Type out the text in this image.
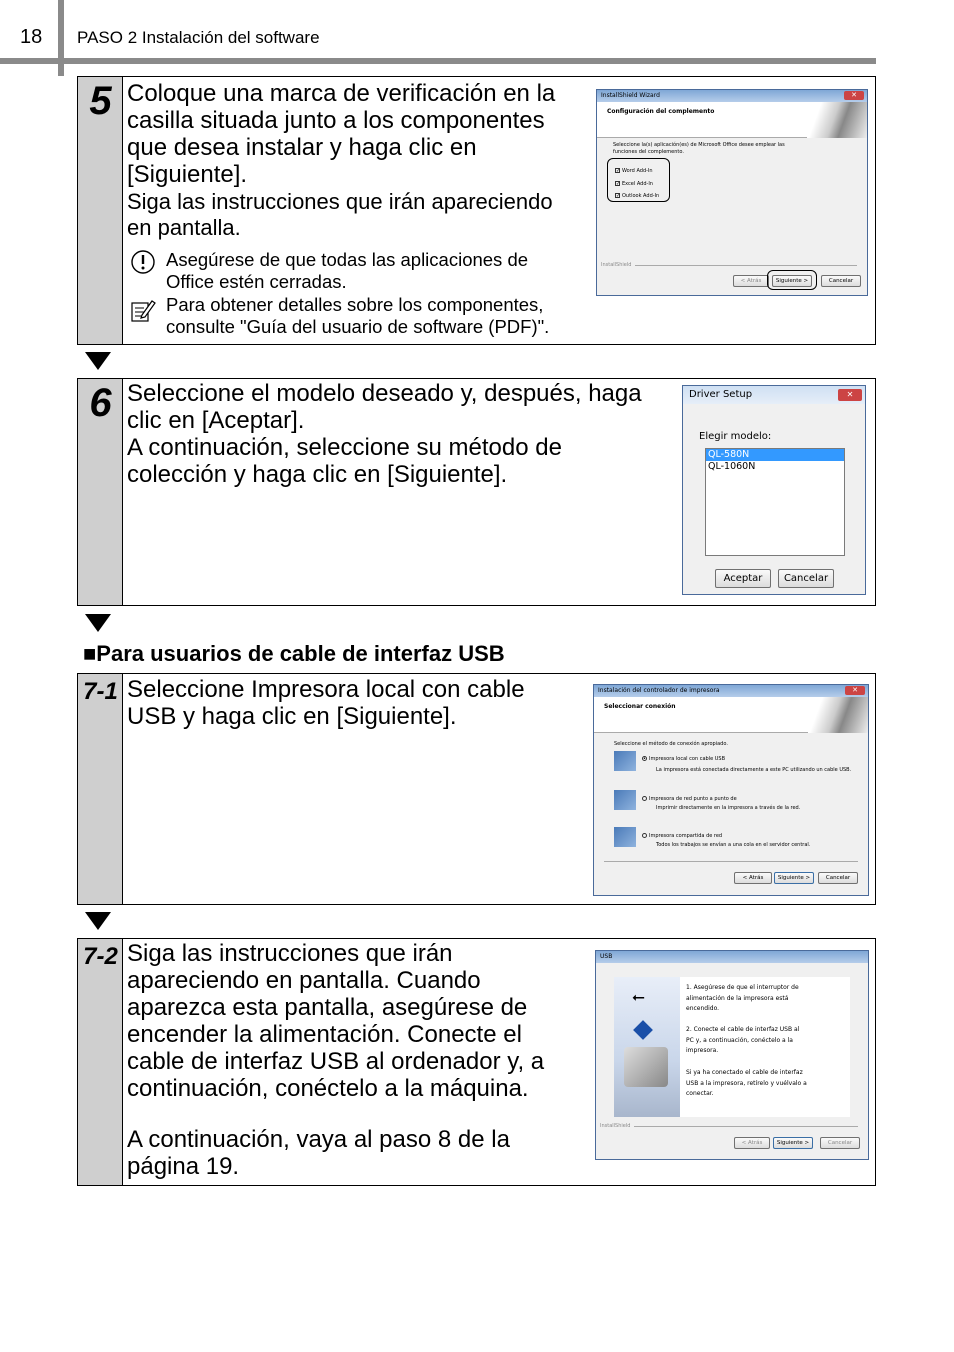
18 PASO 2 Instalación del software
5 Coloque una marca de verificación en la
casilla situada junto a los componentes
que desea instalar y haga clic en
[Siguiente].
Siga las instrucciones que irán apareciendo
en pantalla.
Asegúrese de que todas las aplicaciones de
Office estén cerradas.
Para obtener detalles sobre los componentes,
consulte "Guía del usuario de software (PDF)".
InstallShield Wizard	✕
Configuración del complemento
Seleccione la(s) aplicación(es) de Microsoft Office desee emplear las
funciones del complemento.
✓ Word Add-In
✓ Excel Add-In
✓ Outlook Add-In
InstallShield
< Atrás	Siguiente >	Cancelar
6 Seleccione el modelo deseado y, después, haga
clic en [Aceptar].
A continuación, seleccione su método de
colección y haga clic en [Siguiente].
Driver Setup	✕
Elegir modelo:
QL-580N
QL-1060N
Aceptar	Cancelar
■Para usuarios de cable de interfaz USB
7-1 Seleccione Impresora local con cable
USB y haga clic en [Siguiente].
Instalación del controlador de impresora	✕
Seleccionar conexión
Seleccione el método de conexión apropiado.
• Impresora local con cable USB
La impresora está conectada directamente a este PC utilizando un cable USB.
Impresora de red punto a punto de
Imprimir directamente en la impresora a través de la red.
Impresora compartida de red
Todos los trabajos se envían a una cola en el servidor central.
< Atrás	Siguiente >	Cancelar
7-2 Siga las instrucciones que irán
apareciendo en pantalla. Cuando
aparezca esta pantalla, asegúrese de
encender la alimentación. Conecte el
cable de interfaz USB al ordenador y, a
continuación, conéctelo a la máquina.
A continuación, vaya al paso 8 de la
página 19.
USB
⭠	1. Asegúrese de que el interruptor de
alimentación de la impresora está
encendido.
2. Conecte el cable de interfaz USB al
PC y, a continuación, conéctelo a la
impresora.
Si ya ha conectado el cable de interfaz
USB a la impresora, retírelo y vuélvalo a
conectar.
InstallShield
< Atrás	Siguiente >	Cancelar
